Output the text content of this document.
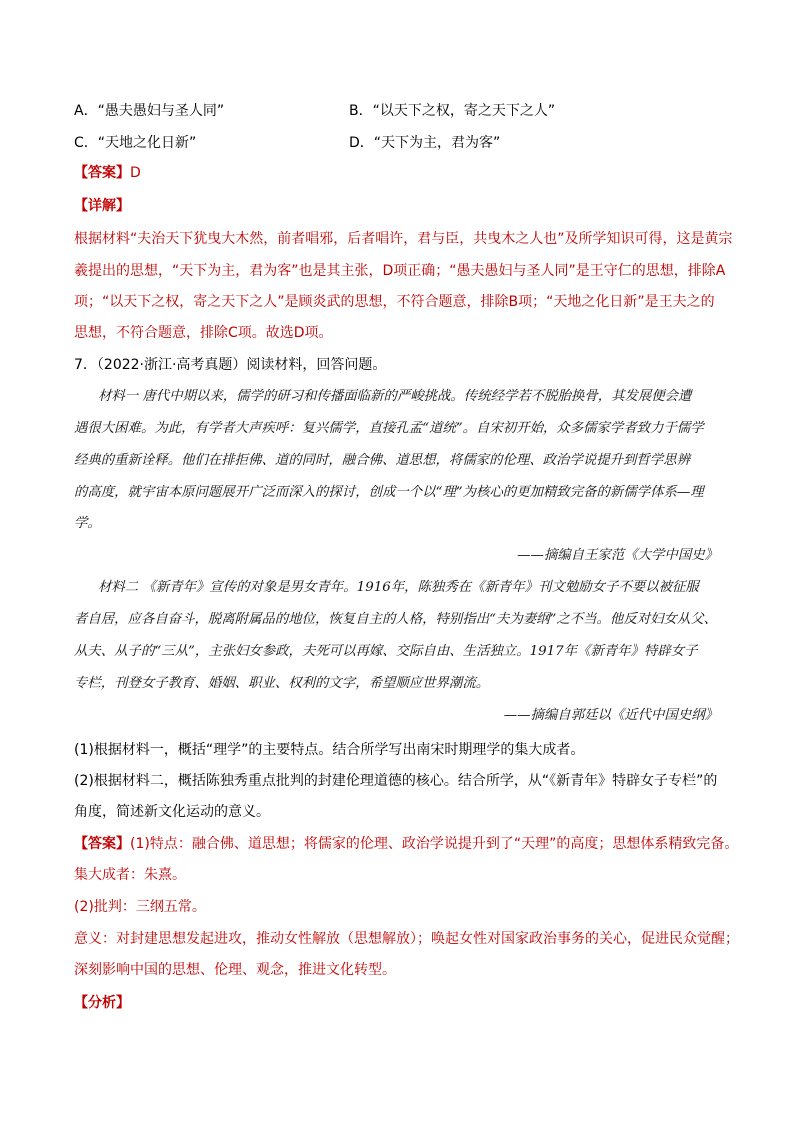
A．“愚夫愚妇与圣人同”	B．“以天下之权，寄之天下之人”
C．“天地之化日新”	D．“天下为主，君为客”
【答案】D
【详解】
根据材料“夫治天下犹曳大木然，前者唱邪，后者唱许，君与臣，共曳木之人也”及所学知识可得，这是黄宗
羲提出的思想，“天下为主，君为客”也是其主张，D项正确；“愚夫愚妇与圣人同”是王守仁的思想，排除A
项；“以天下之权，寄之天下之人”是顾炎武的思想，不符合题意，排除B项；“天地之化日新”是王夫之的
思想，不符合题意，排除C项。故选D项。
7．（2022·浙江·高考真题）阅读材料，回答问题。
材料一 唐代中期以来，儒学的研习和传播面临新的严峻挑战。传统经学若不脱胎换骨，其发展便会遭
遇很大困难。为此，有学者大声疾呼：复兴儒学，直接孔孟“道统”。自宋初开始，众多儒家学者致力于儒学
经典的重新诠释。他们在排拒佛、道的同时，融合佛、道思想，将儒家的伦理、政治学说提升到哲学思辨
的高度，就宇宙本原问题展开广泛而深入的探讨，创成一个以“理”为核心的更加精致完备的新儒学体系—理
学。
——摘编自王家范《大学中国史》
材料二 《新青年》宣传的对象是男女青年。1916年，陈独秀在《新青年》刊文勉励女子不要以被征服
者自居，应各自奋斗，脱离附属品的地位，恢复自主的人格，特别指出“夫为妻纲”之不当。他反对妇女从父、
从夫、从子的“三从”，主张妇女参政，夫死可以再嫁、交际自由、生活独立。1917年《新青年》特辟女子
专栏，刊登女子教育、婚姻、职业、权利的文字，希望顺应世界潮流。
——摘编自郭廷以《近代中国史纲》
(1)根据材料一，概括“理学”的主要特点。结合所学写出南宋时期理学的集大成者。
(2)根据材料二，概括陈独秀重点批判的封建伦理道德的核心。结合所学，从“《新青年》特辟女子专栏”的
角度，简述新文化运动的意义。
【答案】(1)特点：融合佛、道思想；将儒家的伦理、政治学说提升到了“天理”的高度；思想体系精致完备。
集大成者：朱熹。
(2)批判：三纲五常。
意义：对封建思想发起进攻，推动女性解放（思想解放）；唤起女性对国家政治事务的关心，促进民众觉醒；
深刻影响中国的思想、伦理、观念，推进文化转型。
【分析】
